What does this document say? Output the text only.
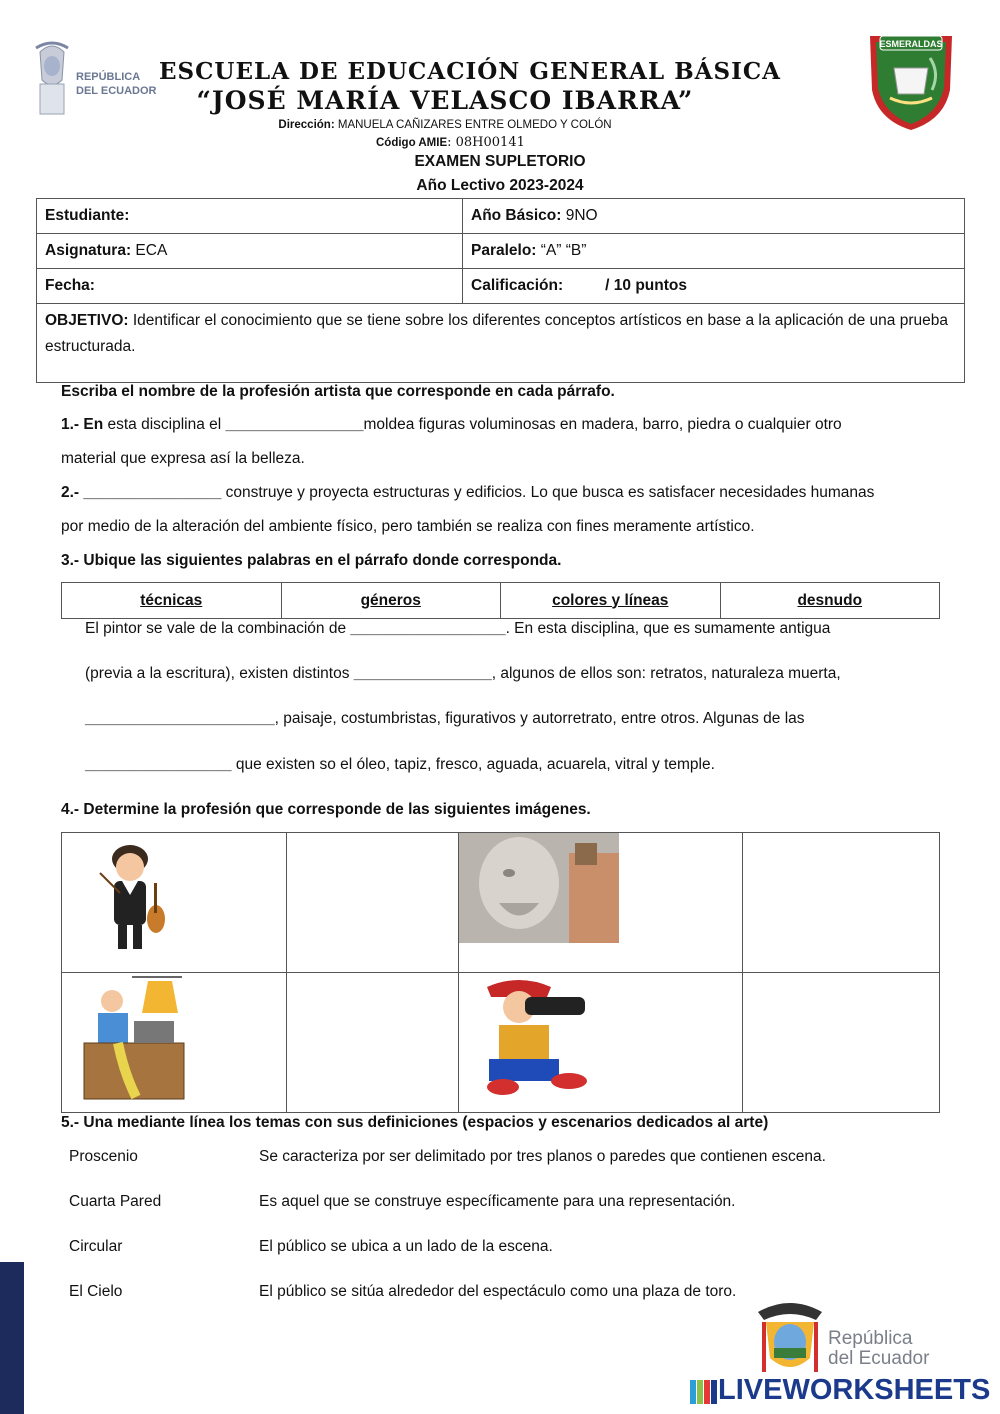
REPÚBLICA
DEL ECUADOR
ESMERALDAS
ESCUELA DE EDUCACIÓN GENERAL BÁSICA
“JOSÉ MARÍA VELASCO IBARRA”
Dirección: MANUELA CAÑIZARES ENTRE OLMEDO Y COLÓN
Código AMIE: 08H00141
EXAMEN SUPLETORIO
Año Lectivo 2023-2024
Estudiante:	Año Básico: 9NO
Asignatura: ECA	Paralelo: “A” “B”
Fecha:	Calificación: / 10 puntos
OBJETIVO: Identificar el conocimiento que se tiene sobre los diferentes conceptos artísticos en base a la aplicación de una prueba estructurada.	
Escriba el nombre de la profesión artista que corresponde en cada párrafo.
1.- En esta disciplina el ________________moldea figuras voluminosas en madera, barro, piedra o cualquier otro
material que expresa así la belleza.
2.- ________________ construye y proyecta estructuras y edificios. Lo que busca es satisfacer necesidades humanas
por medio de la alteración del ambiente físico, pero también se realiza con fines meramente artístico.
3.- Ubique las siguientes palabras en el párrafo donde corresponda.
técnicas	géneros	colores y líneas	desnudo
El pintor se vale de la combinación de __________________. En esta disciplina, que es sumamente antigua
(previa a la escritura), existen distintos ________________, algunos de ellos son: retratos, naturaleza muerta,
______________________, paisaje, costumbristas, figurativos y autorretrato, entre otros. Algunas de las
_________________ que existen so el óleo, tapiz, fresco, aguada, acuarela, vitral y temple.
4.- Determine la profesión que corresponde de las siguientes imágenes.

5.- Una mediante línea los temas con sus definiciones (espacios y escenarios dedicados al arte)
Proscenio	Se caracteriza por ser delimitado por tres planos o paredes que contienen escena.
Cuarta Pared	Es aquel que se construye específicamente para una representación.
Circular	El público se ubica a un lado de la escena.
El Cielo	El público se sitúa alrededor del espectáculo como una plaza de toro.
República
del Ecuador
LIVEWORKSHEETS
